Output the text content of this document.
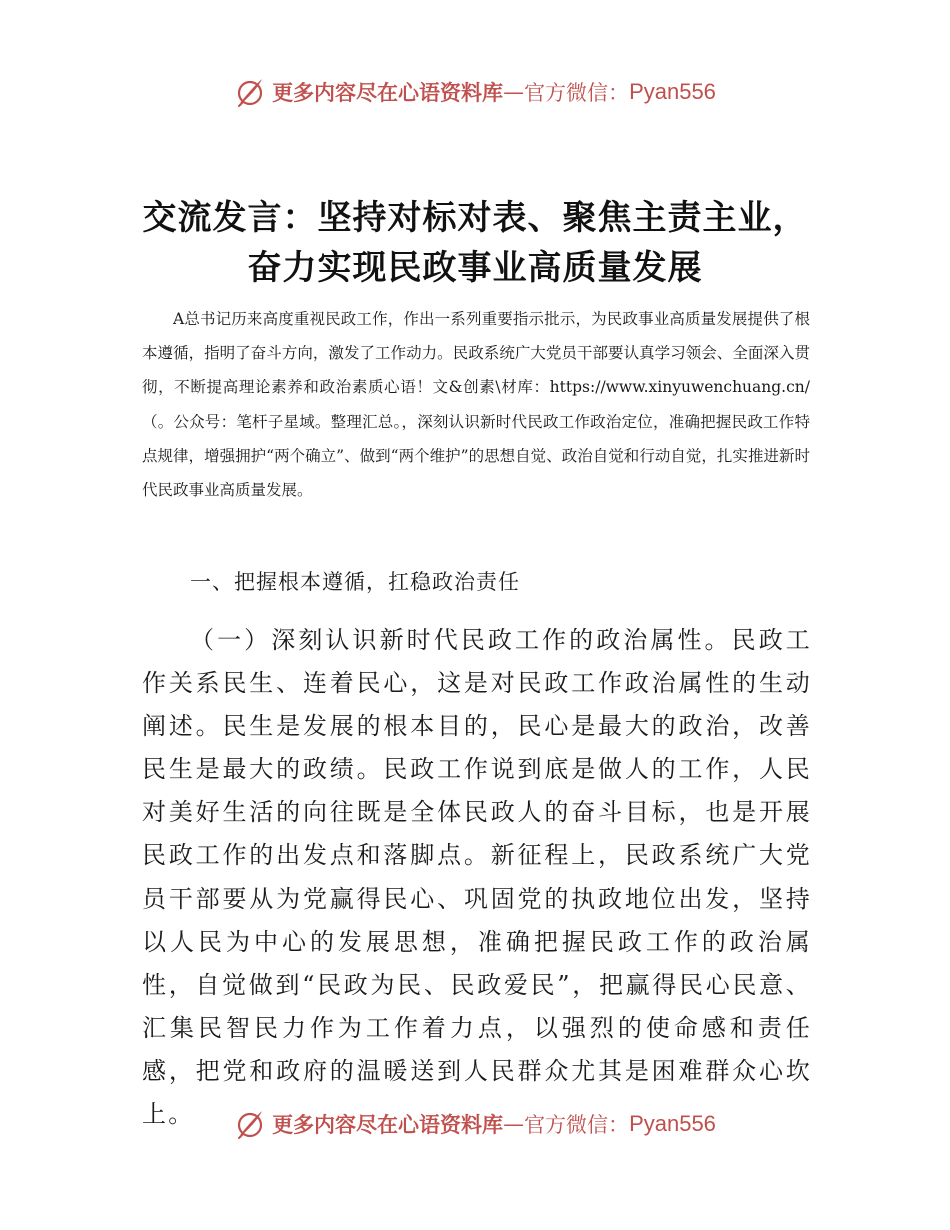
更多内容尽在心语资料库 — 官方微信： Pyan556
交流发言：坚持对标对表、聚焦主责主业，
奋力实现民政事业高质量发展

A总书记历来高度重视民政工作，作出一系列重要指示批示，为民政事业高质量发展提供了根本遵循，指明了奋斗方向，激发了工作动力。民政系统广大党员干部要认真学习领会、全面深入贯彻，不断提高理论素养和政治素质心语！文&创素\材库：https://www.xinyuwenchuang.cn/（。公众号：笔杆子星域。整理汇总。，深刻认识新时代民政工作政治定位，准确把握民政工作特点规律，增强拥护“两个确立”、做到“两个维护”的思想自觉、政治自觉和行动自觉，扎实推进新时代民政事业高质量发展。

一、把握根本遵循，扛稳政治责任

（一）深刻认识新时代民政工作的政治属性。民政工作关系民生、连着民心，这是对民政工作政治属性的生动阐述。民生是发展的根本目的，民心是最大的政治，改善民生是最大的政绩。民政工作说到底是做人的工作，人民对美好生活的向往既是全体民政人的奋斗目标，也是开展民政工作的出发点和落脚点。新征程上，民政系统广大党员干部要从为党赢得民心、巩固党的执政地位出发，坚持以人民为中心的发展思想，准确把握民政工作的政治属性，自觉做到“民政为民、民政爱民”，把赢得民心民意、汇集民智民力作为工作着力点，以强烈的使命感和责任感，把党和政府的温暖送到人民群众尤其是困难群众心坎上。	更多内容尽在心语资料库 — 官方微信： Pyan556
